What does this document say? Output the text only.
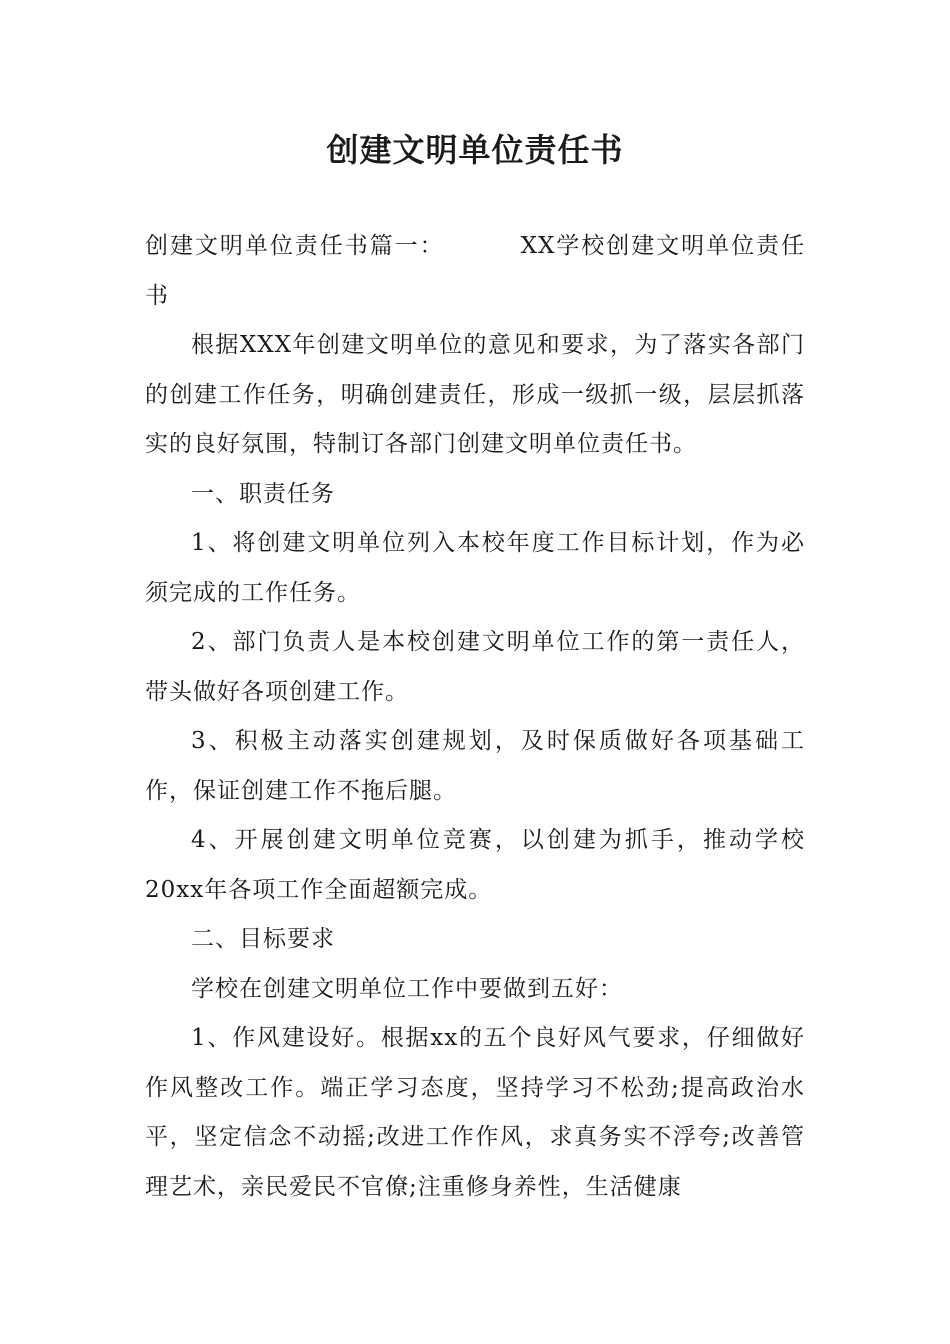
创建文明单位责任书

创建文明单位责任书篇一：	XX学校创建文明单位责任书

根据XXX年创建文明单位的意见和要求，为了落实各部门的创建工作任务，明确创建责任，形成一级抓一级，层层抓落实的良好氛围，特制订各部门创建文明单位责任书。

一、职责任务

1、将创建文明单位列入本校年度工作目标计划，作为必须完成的工作任务。

2、部门负责人是本校创建文明单位工作的第一责任人，带头做好各项创建工作。

3、积极主动落实创建规划，及时保质做好各项基础工作，保证创建工作不拖后腿。

4、开展创建文明单位竞赛，以创建为抓手，推动学校20xx年各项工作全面超额完成。

二、目标要求

学校在创建文明单位工作中要做到五好：

1、作风建设好。根据xx的五个良好风气要求，仔细做好作风整改工作。端正学习态度，坚持学习不松劲;提高政治水平，坚定信念不动摇;改进工作作风，求真务实不浮夸;改善管理艺术，亲民爱民不官僚;注重修身养性，生活健康
